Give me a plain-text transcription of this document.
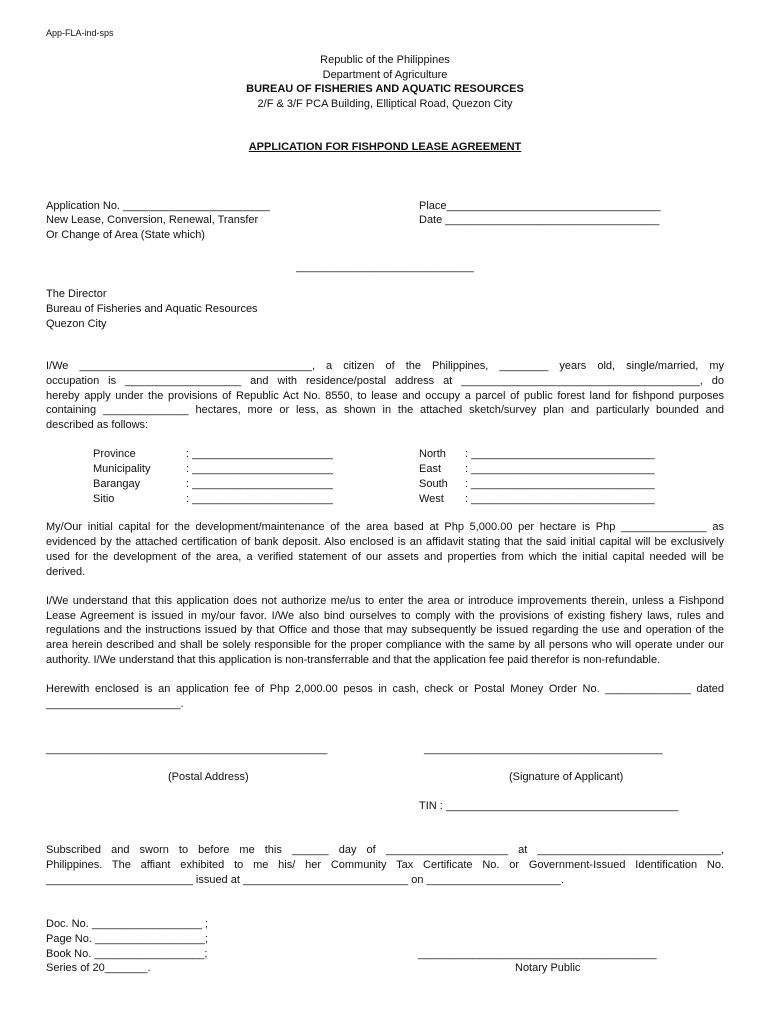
App-FLA-ind-sps
Republic of the Philippines
Department of Agriculture
BUREAU OF FISHERIES AND AQUATIC RESOURCES
2/F & 3/F PCA Building, Elliptical Road, Quezon City
APPLICATION FOR FISHPOND LEASE AGREEMENT
Application No. ________________________
New Lease, Conversion, Renewal, Transfer
Or Change of Area (State which)
Place___________________________________
Date ___________________________________
_____________________________
The Director
Bureau of Fisheries and Aquatic Resources
Quezon City
I/We ______________________________________, a citizen of the Philippines, ________ years old, single/married, my
occupation is ___________________ and with residence/postal address at _______________________________________, do
hereby apply under the provisions of Republic Act No. 8550, to lease and occupy a parcel of public forest land for fishpond purposes
containing ______________ hectares, more or less, as shown in the attached sketch/survey plan and particularly bounded and
described as follows:
Province	: _______________________
Municipality	: _______________________
Barangay	: _______________________
Sitio	: _______________________
North : ______________________________
East : ______________________________
South : ______________________________
West : ______________________________
My/Our initial capital for the development/maintenance of the area based at Php 5,000.00 per hectare is Php ______________ as
evidenced by the attached certification of bank deposit. Also enclosed is an affidavit stating that the said initial capital will be exclusively
used for the development of the area, a verified statement of our assets and properties from which the initial capital needed will be
derived.
I/We understand that this application does not authorize me/us to enter the area or introduce improvements therein, unless a Fishpond
Lease Agreement is issued in my/our favor. I/We also bind ourselves to comply with the provisions of existing fishery laws, rules and
regulations and the instructions issued by that Office and those that may subsequently be issued regarding the use and operation of the
area herein described and shall be solely responsible for the proper compliance with the same by all persons who will operate under our
authority. I/We understand that this application is non-transferrable and that the application fee paid therefor is non-refundable.
Herewith enclosed is an application fee of Php 2,000.00 pesos in cash, check or Postal Money Order No. ______________ dated
______________________.
______________________________________________	_______________________________________
(Postal Address)	(Signature of Applicant)
TIN : ______________________________________
Subscribed and sworn to before me this ______ day of ____________________ at ______________________________,
Philippines. The affiant exhibited to me his/ her Community Tax Certificate No. or Government-Issued Identification No.
________________________ issued at ___________________________ on ______________________.
Doc. No. __________________ ;
Page No. __________________;
Book No. __________________;
Series of 20_______.
_______________________________________
Notary Public
